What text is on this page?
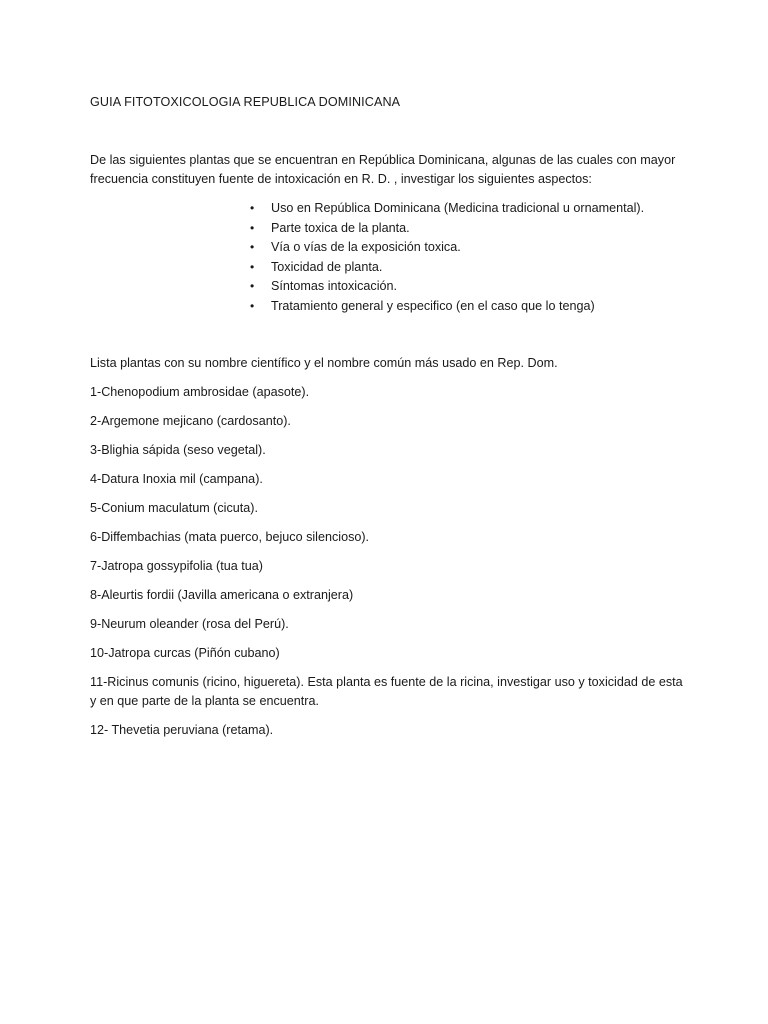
GUIA FITOTOXICOLOGIA REPUBLICA DOMINICANA

De las siguientes plantas que se encuentran en República Dominicana, algunas de las cuales con mayor frecuencia constituyen fuente de intoxicación en R. D. , investigar los siguientes aspectos:

• Uso en República Dominicana (Medicina tradicional u ornamental).
• Parte toxica de la planta.
• Vía o vías de la exposición toxica.
• Toxicidad de planta.
• Síntomas intoxicación.
• Tratamiento general y especifico (en el caso que lo tenga)
Lista plantas con su nombre científico y el nombre común más usado en Rep. Dom.
1-Chenopodium ambrosidae (apasote).
2-Argemone mejicano (cardosanto).
3-Blighia sápida (seso vegetal).
4-Datura Inoxia mil (campana).
5-Conium maculatum (cicuta).
6-Diffembachias (mata puerco, bejuco silencioso).
7-Jatropa gossypifolia (tua tua)
8-Aleurtis fordii (Javilla americana o extranjera)
9-Neurum oleander (rosa del Perú).
10-Jatropa curcas (Piñón cubano)
11-Ricinus comunis (ricino, higuereta). Esta planta es fuente de la ricina, investigar uso y toxicidad de esta y en que parte de la planta se encuentra.
12- Thevetia peruviana (retama).
